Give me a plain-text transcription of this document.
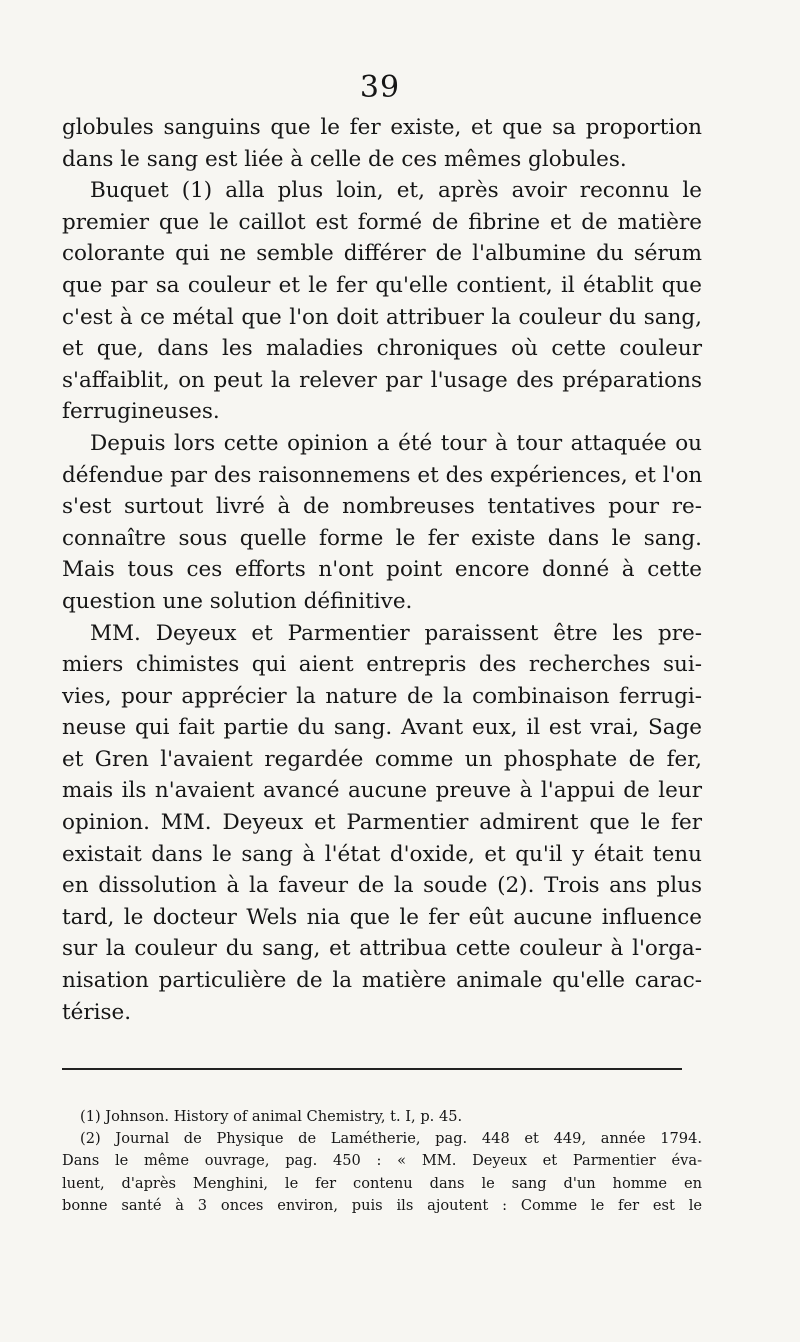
39
globules sanguins que le fer existe, et que sa proportion
dans le sang est liée à celle de ces mêmes globules.
Buquet (1) alla plus loin, et, après avoir reconnu le
premier que le caillot est formé de fibrine et de matière
colorante qui ne semble différer de l'albumine du sérum
que par sa couleur et le fer qu'elle contient, il établit que
c'est à ce métal que l'on doit attribuer la couleur du sang,
et que, dans les maladies chroniques où cette couleur
s'affaiblit, on peut la relever par l'usage des préparations
ferrugineuses.
Depuis lors cette opinion a été tour à tour attaquée ou
défendue par des raisonnemens et des expériences, et l'on
s'est surtout livré à de nombreuses tentatives pour re-
connaître sous quelle forme le fer existe dans le sang.
Mais tous ces efforts n'ont point encore donné à cette
question une solution définitive.
MM. Deyeux et Parmentier paraissent être les pre-
miers chimistes qui aient entrepris des recherches sui-
vies, pour apprécier la nature de la combinaison ferrugi-
neuse qui fait partie du sang. Avant eux, il est vrai, Sage
et Gren l'avaient regardée comme un phosphate de fer,
mais ils n'avaient avancé aucune preuve à l'appui de leur
opinion. MM. Deyeux et Parmentier admirent que le fer
existait dans le sang à l'état d'oxide, et qu'il y était tenu
en dissolution à la faveur de la soude (2). Trois ans plus
tard, le docteur Wels nia que le fer eût aucune influence
sur la couleur du sang, et attribua cette couleur à l'orga-
nisation particulière de la matière animale qu'elle carac-
térise.
(1) Johnson. History of animal Chemistry, t. I, p. 45.
(2) Journal de Physique de Lamétherie, pag. 448 et 449, année 1794.
Dans le même ouvrage, pag. 450 : « MM. Deyeux et Parmentier éva-
luent, d'après Menghini, le fer contenu dans le sang d'un homme en
bonne santé à 3 onces environ, puis ils ajoutent : Comme le fer est le
